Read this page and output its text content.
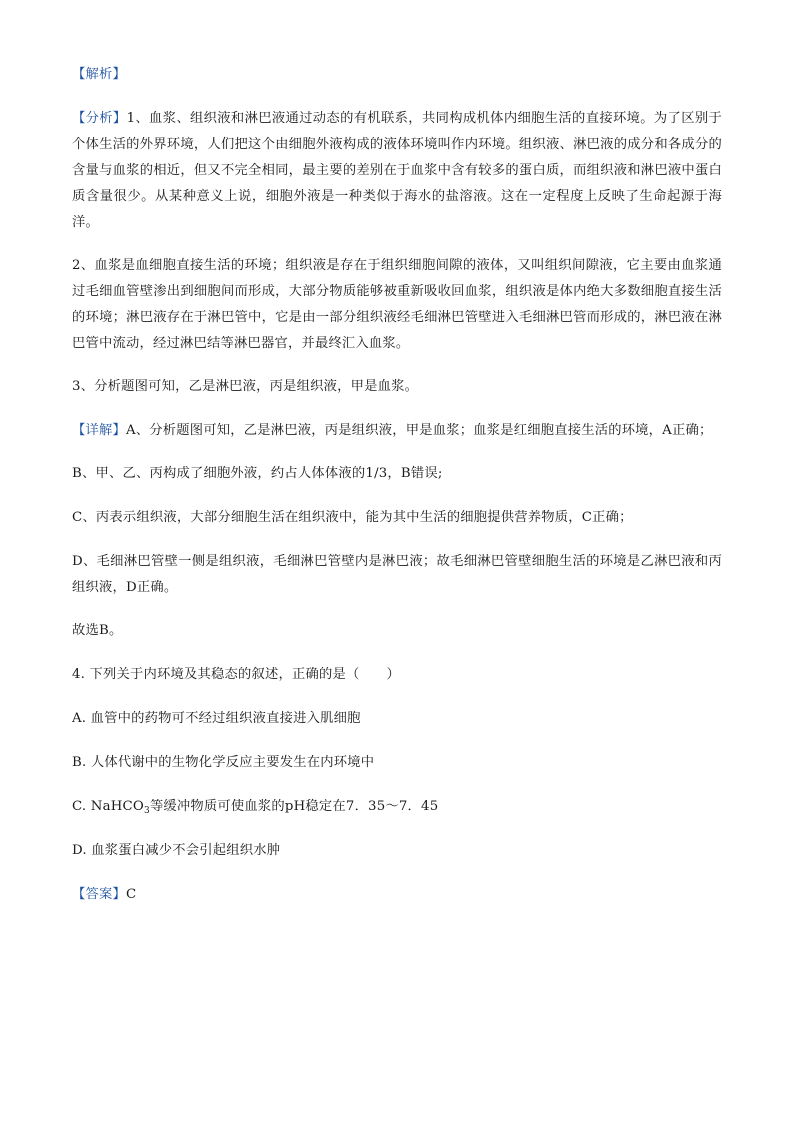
【解析】

【分析】1、血浆、组织液和淋巴液通过动态的有机联系，共同构成机体内细胞生活的直接环境。为了区别于个体生活的外界环境，人们把这个由细胞外液构成的液体环境叫作内环境。组织液、淋巴液的成分和各成分的含量与血浆的相近，但又不完全相同，最主要的差别在于血浆中含有较多的蛋白质，而组织液和淋巴液中蛋白质含量很少。从某种意义上说，细胞外液是一种类似于海水的盐溶液。这在一定程度上反映了生命起源于海洋。

2、血浆是血细胞直接生活的环境；组织液是存在于组织细胞间隙的液体，又叫组织间隙液，它主要由血浆通过毛细血管壁渗出到细胞间而形成，大部分物质能够被重新吸收回血浆，组织液是体内绝大多数细胞直接生活的环境；淋巴液存在于淋巴管中，它是由一部分组织液经毛细淋巴管壁进入毛细淋巴管而形成的，淋巴液在淋巴管中流动，经过淋巴结等淋巴器官，并最终汇入血浆。

3、分析题图可知，乙是淋巴液，丙是组织液，甲是血浆。

【详解】A、分析题图可知，乙是淋巴液，丙是组织液，甲是血浆；血浆是红细胞直接生活的环境，A正确；

B、甲、乙、丙构成了细胞外液，约占人体体液的1/3，B错误;

C、丙表示组织液，大部分细胞生活在组织液中，能为其中生活的细胞提供营养物质，C正确；

D、毛细淋巴管壁一侧是组织液，毛细淋巴管壁内是淋巴液；故毛细淋巴管壁细胞生活的环境是乙淋巴液和丙组织液，D正确。

故选B。

4. 下列关于内环境及其稳态的叙述，正确的是（　　）

A. 血管中的药物可不经过组织液直接进入肌细胞

B. 人体代谢中的生物化学反应主要发生在内环境中

C. NaHCO$_3$等缓冲物质可使血浆的pH稳定在7．35～7．45

D. 血浆蛋白减少不会引起组织水肿

【答案】C
